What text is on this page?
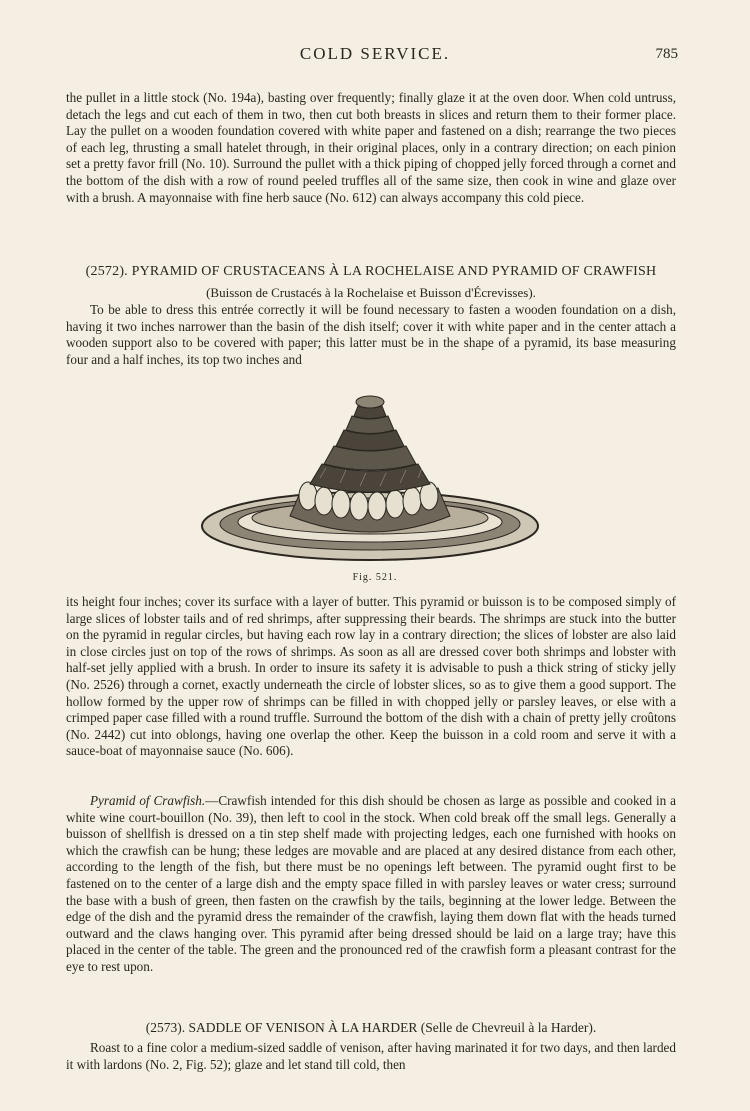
COLD SERVICE.	785

the pullet in a little stock (No. 194a), basting over frequently; finally glaze it at the oven door. When cold untruss, detach the legs and cut each of them in two, then cut both breasts in slices and return them to their former place. Lay the pullet on a wooden foundation covered with white paper and fastened on a dish; rearrange the two pieces of each leg, thrusting a small hatelet through, in their original places, only in a contrary direction; on each pinion set a pretty favor frill (No. 10). Surround the pullet with a thick piping of chopped jelly forced through a cornet and the bottom of the dish with a row of round peeled truffles all of the same size, then cook in wine and glaze over with a brush. A mayonnaise with fine herb sauce (No. 612) can always accompany this cold piece.

(2572). PYRAMID OF CRUSTACEANS À LA ROCHELAISE AND PYRAMID OF CRAWFISH

(Buisson de Crustacés à la Rochelaise et Buisson d'Écrevisses).

To be able to dress this entrée correctly it will be found necessary to fasten a wooden foundation on a dish, having it two inches narrower than the basin of the dish itself; cover it with white paper and in the center attach a wooden support also to be covered with paper; this latter must be in the shape of a pyramid, its base measuring four and a half inches, its top two inches and

Fig. 521.

its height four inches; cover its surface with a layer of butter. This pyramid or buisson is to be composed simply of large slices of lobster tails and of red shrimps, after suppressing their beards. The shrimps are stuck into the butter on the pyramid in regular circles, but having each row lay in a contrary direction; the slices of lobster are also laid in close circles just on top of the rows of shrimps. As soon as all are dressed cover both shrimps and lobster with half-set jelly applied with a brush. In order to insure its safety it is advisable to push a thick string of sticky jelly (No. 2526) through a cornet, exactly underneath the circle of lobster slices, so as to give them a good support. The hollow formed by the upper row of shrimps can be filled in with chopped jelly or parsley leaves, or else with a crimped paper case filled with a round truffle. Surround the bottom of the dish with a chain of pretty jelly croûtons (No. 2442) cut into oblongs, having one overlap the other. Keep the buisson in a cold room and serve it with a sauce-boat of mayonnaise sauce (No. 606).

Pyramid of Crawfish.—Crawfish intended for this dish should be chosen as large as possible and cooked in a white wine court-bouillon (No. 39), then left to cool in the stock. When cold break off the small legs. Generally a buisson of shellfish is dressed on a tin step shelf made with projecting ledges, each one furnished with hooks on which the crawfish can be hung; these ledges are movable and are placed at any desired distance from each other, according to the length of the fish, but there must be no openings left between. The pyramid ought first to be fastened on to the center of a large dish and the empty space filled in with parsley leaves or water cress; surround the base with a bush of green, then fasten on the crawfish by the tails, beginning at the lower ledge. Between the edge of the dish and the pyramid dress the remainder of the crawfish, laying them down flat with the heads turned outward and the claws hanging over. This pyramid after being dressed should be laid on a large tray; have this placed in the center of the table. The green and the pronounced red of the crawfish form a pleasant contrast for the eye to rest upon.

(2573). SADDLE OF VENISON À LA HARDER (Selle de Chevreuil à la Harder).

Roast to a fine color a medium-sized saddle of venison, after having marinated it for two days, and then larded it with lardons (No. 2, Fig. 52); glaze and let stand till cold, then
